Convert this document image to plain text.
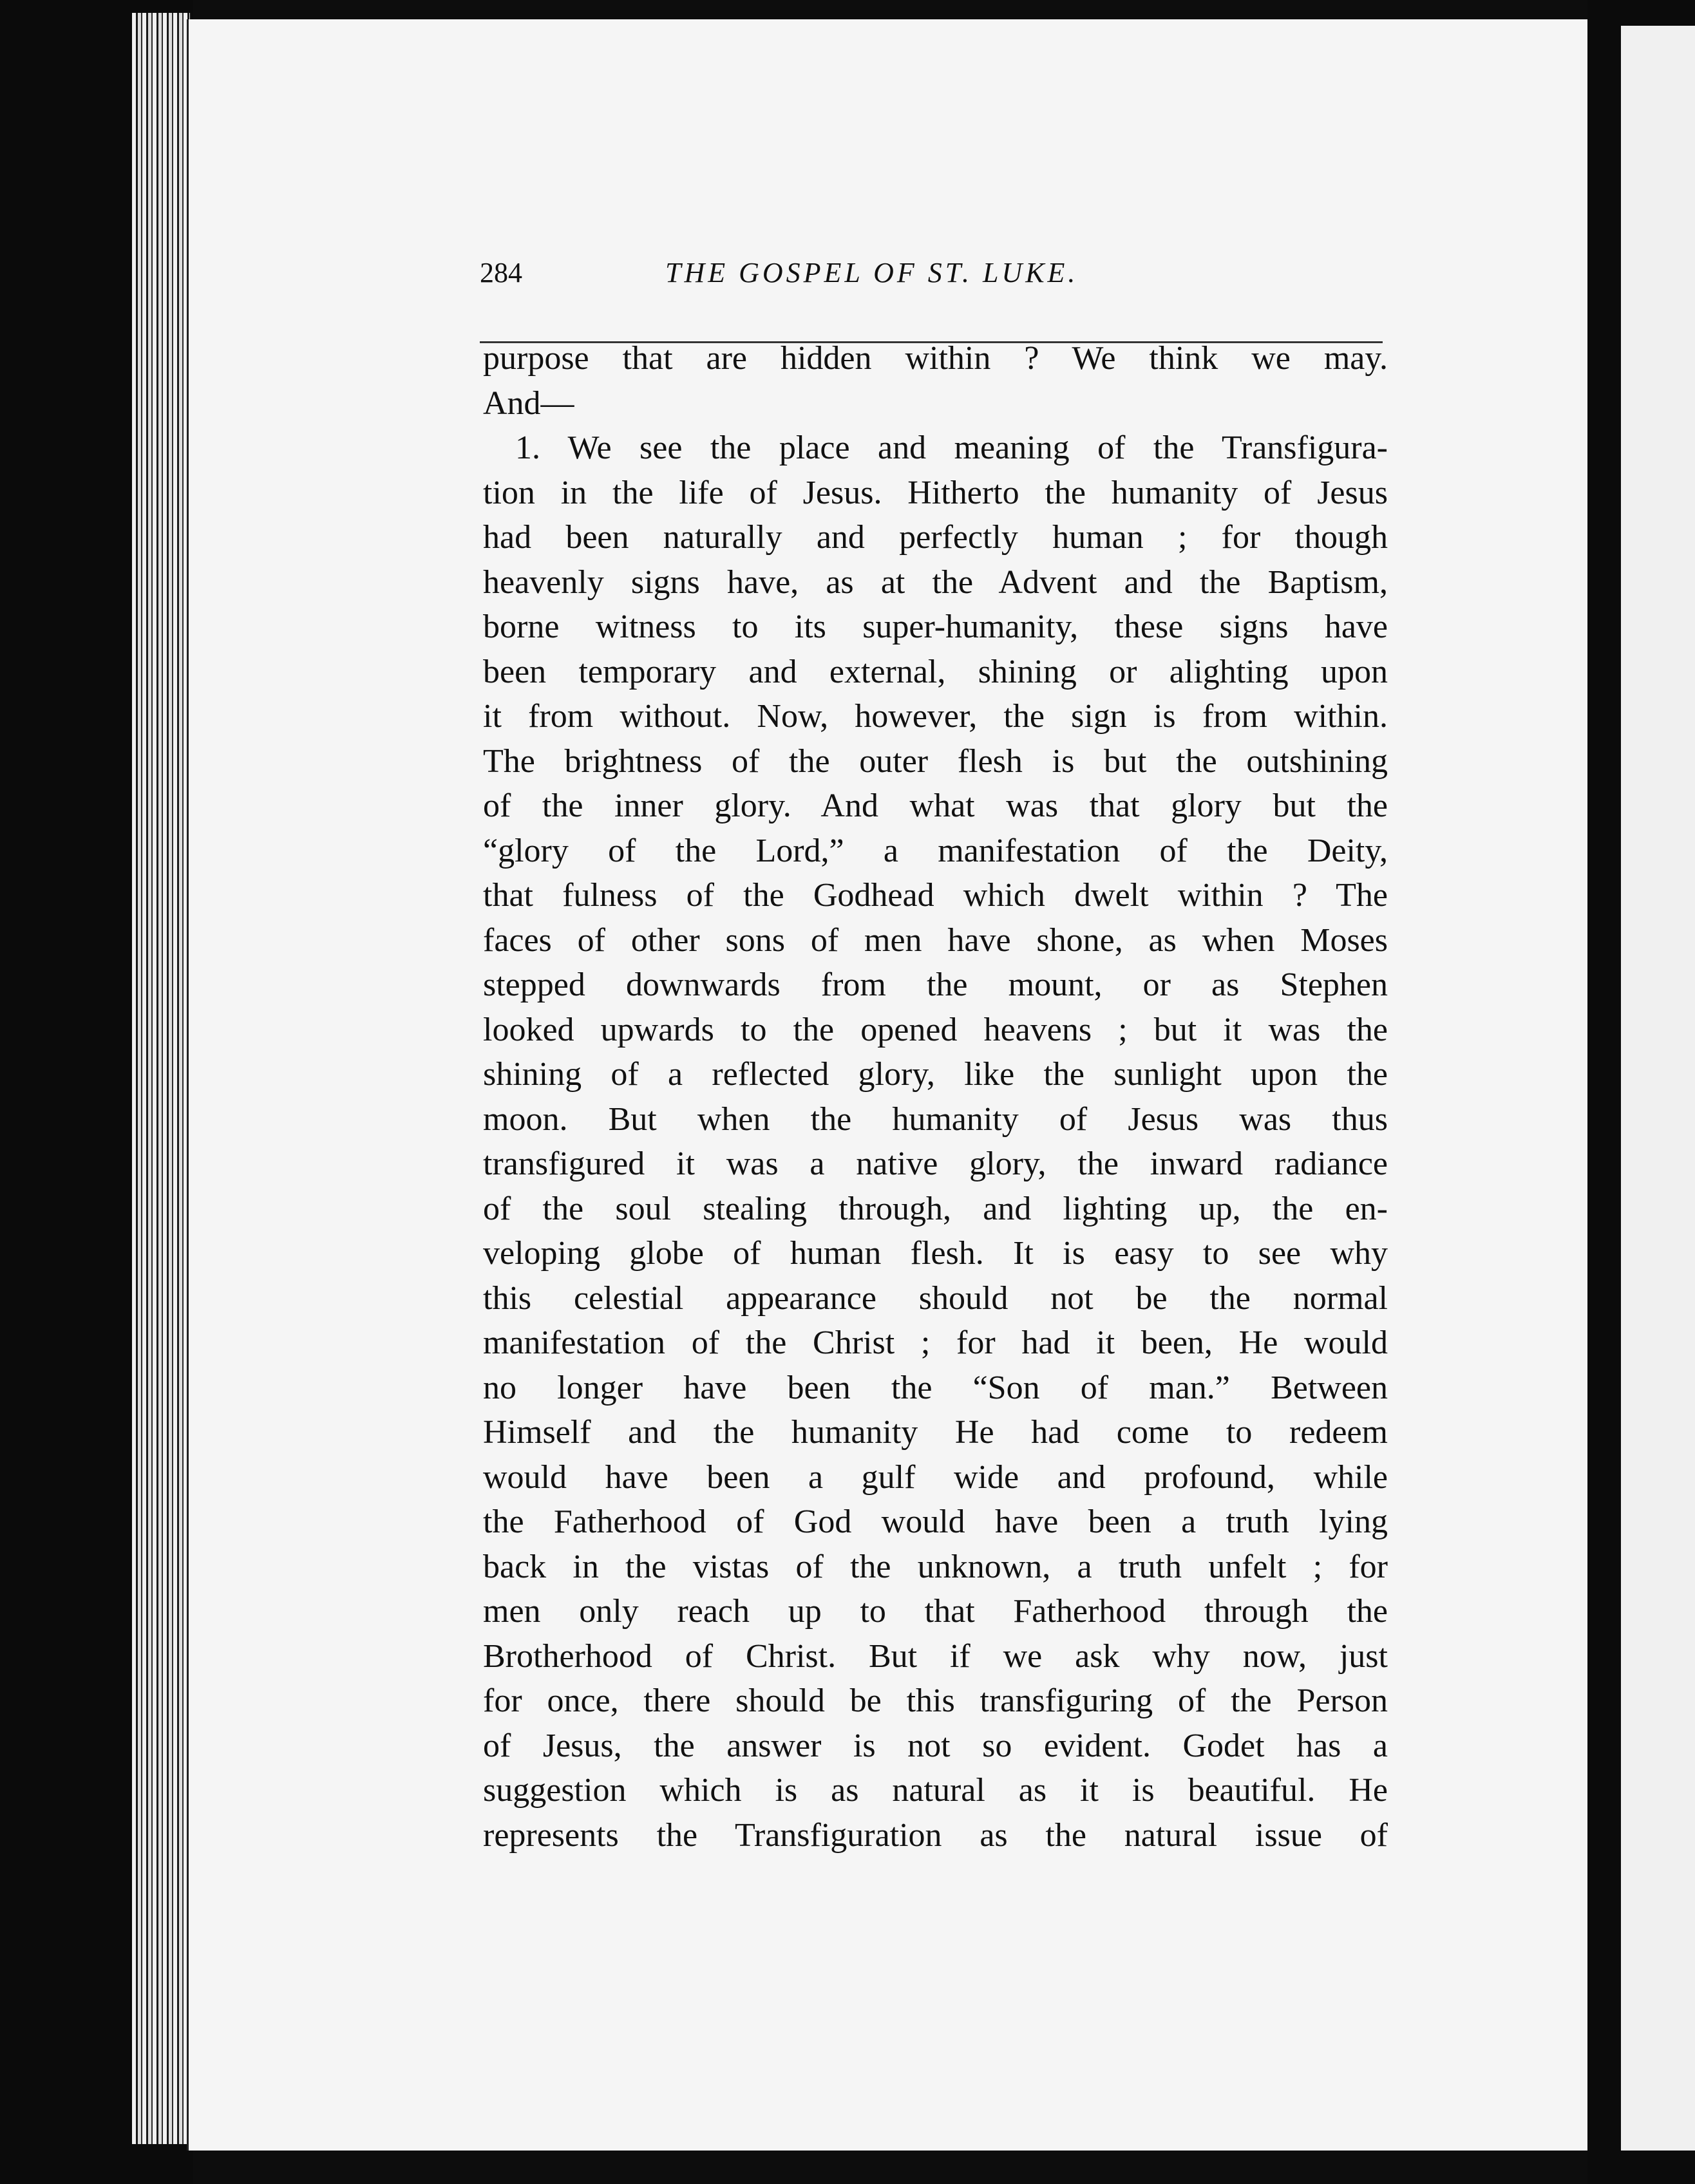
284	THE GOSPEL OF ST. LUKE.
purpose that are hidden within ? We think we may.
And—
1. We see the place and meaning of the Transfigura-
tion in the life of Jesus. Hitherto the humanity of Jesus
had been naturally and perfectly human ; for though
heavenly signs have, as at the Advent and the Baptism,
borne witness to its super-humanity, these signs have
been temporary and external, shining or alighting upon
it from without. Now, however, the sign is from within.
The brightness of the outer flesh is but the outshining
of the inner glory. And what was that glory but the
“glory of the Lord,” a manifestation of the Deity,
that fulness of the Godhead which dwelt within ? The
faces of other sons of men have shone, as when Moses
stepped downwards from the mount, or as Stephen
looked upwards to the opened heavens ; but it was the
shining of a reflected glory, like the sunlight upon the
moon. But when the humanity of Jesus was thus
transfigured it was a native glory, the inward radiance
of the soul stealing through, and lighting up, the en-
veloping globe of human flesh. It is easy to see why
this celestial appearance should not be the normal
manifestation of the Christ ; for had it been, He would
no longer have been the “Son of man.” Between
Himself and the humanity He had come to redeem
would have been a gulf wide and profound, while
the Fatherhood of God would have been a truth lying
back in the vistas of the unknown, a truth unfelt ; for
men only reach up to that Fatherhood through the
Brotherhood of Christ. But if we ask why now, just
for once, there should be this transfiguring of the Person
of Jesus, the answer is not so evident. Godet has a
suggestion which is as natural as it is beautiful. He
represents the Transfiguration as the natural issue of
